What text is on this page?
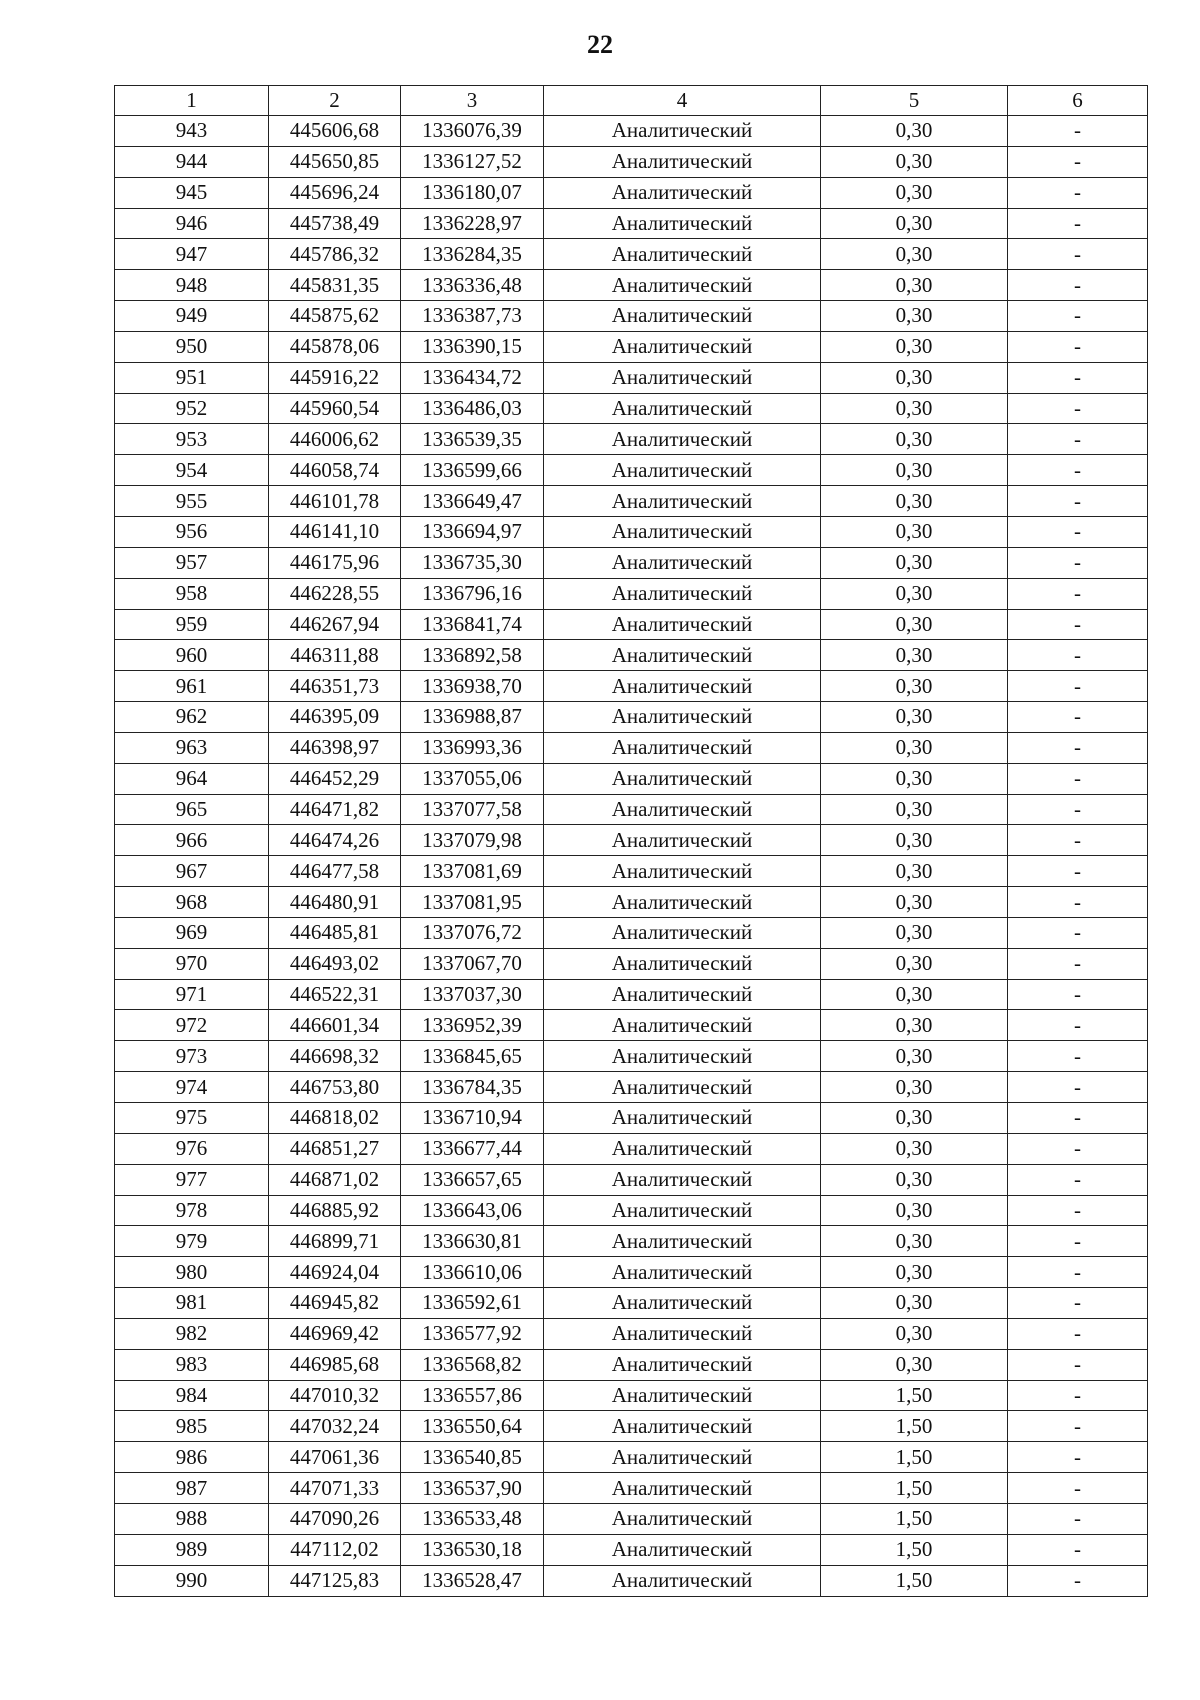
22
1	2	3	4	5	6
943	445606,68	1336076,39	Аналитический	0,30	-
944	445650,85	1336127,52	Аналитический	0,30	-
945	445696,24	1336180,07	Аналитический	0,30	-
946	445738,49	1336228,97	Аналитический	0,30	-
947	445786,32	1336284,35	Аналитический	0,30	-
948	445831,35	1336336,48	Аналитический	0,30	-
949	445875,62	1336387,73	Аналитический	0,30	-
950	445878,06	1336390,15	Аналитический	0,30	-
951	445916,22	1336434,72	Аналитический	0,30	-
952	445960,54	1336486,03	Аналитический	0,30	-
953	446006,62	1336539,35	Аналитический	0,30	-
954	446058,74	1336599,66	Аналитический	0,30	-
955	446101,78	1336649,47	Аналитический	0,30	-
956	446141,10	1336694,97	Аналитический	0,30	-
957	446175,96	1336735,30	Аналитический	0,30	-
958	446228,55	1336796,16	Аналитический	0,30	-
959	446267,94	1336841,74	Аналитический	0,30	-
960	446311,88	1336892,58	Аналитический	0,30	-
961	446351,73	1336938,70	Аналитический	0,30	-
962	446395,09	1336988,87	Аналитический	0,30	-
963	446398,97	1336993,36	Аналитический	0,30	-
964	446452,29	1337055,06	Аналитический	0,30	-
965	446471,82	1337077,58	Аналитический	0,30	-
966	446474,26	1337079,98	Аналитический	0,30	-
967	446477,58	1337081,69	Аналитический	0,30	-
968	446480,91	1337081,95	Аналитический	0,30	-
969	446485,81	1337076,72	Аналитический	0,30	-
970	446493,02	1337067,70	Аналитический	0,30	-
971	446522,31	1337037,30	Аналитический	0,30	-
972	446601,34	1336952,39	Аналитический	0,30	-
973	446698,32	1336845,65	Аналитический	0,30	-
974	446753,80	1336784,35	Аналитический	0,30	-
975	446818,02	1336710,94	Аналитический	0,30	-
976	446851,27	1336677,44	Аналитический	0,30	-
977	446871,02	1336657,65	Аналитический	0,30	-
978	446885,92	1336643,06	Аналитический	0,30	-
979	446899,71	1336630,81	Аналитический	0,30	-
980	446924,04	1336610,06	Аналитический	0,30	-
981	446945,82	1336592,61	Аналитический	0,30	-
982	446969,42	1336577,92	Аналитический	0,30	-
983	446985,68	1336568,82	Аналитический	0,30	-
984	447010,32	1336557,86	Аналитический	1,50	-
985	447032,24	1336550,64	Аналитический	1,50	-
986	447061,36	1336540,85	Аналитический	1,50	-
987	447071,33	1336537,90	Аналитический	1,50	-
988	447090,26	1336533,48	Аналитический	1,50	-
989	447112,02	1336530,18	Аналитический	1,50	-
990	447125,83	1336528,47	Аналитический	1,50	-
